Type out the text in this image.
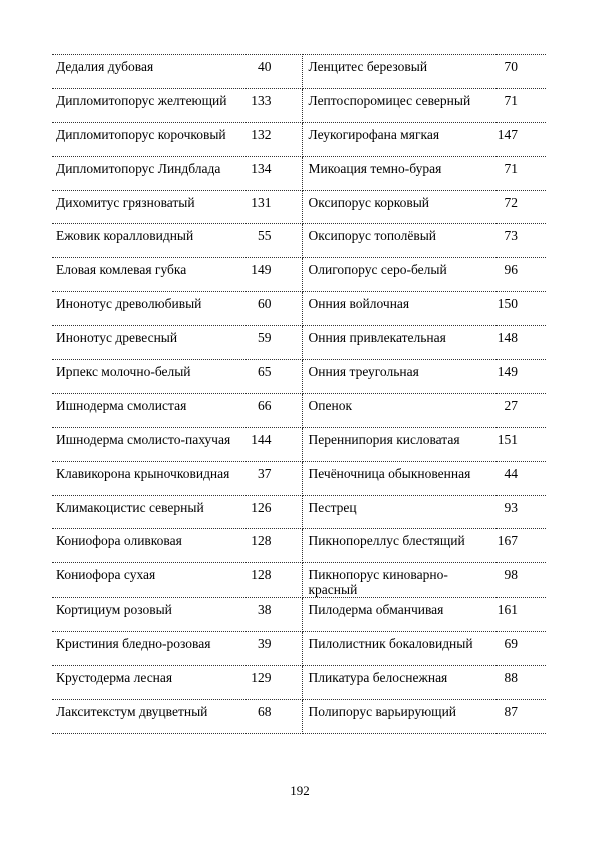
Дедалия дубовая	40	Ленцитес березовый	70
Дипломитопорус желтеющий	133	Лептоспоромицес северный	71
Дипломитопорус корочковый	132	Леукогирофана мягкая	147
Дипломитопорус Линдблада	134	Микоация темно-бурая	71
Дихомитус грязноватый	131	Оксипорус корковый	72
Ежовик коралловидный	55	Оксипорус тополёвый	73
Еловая комлевая губка	149	Олигопорус серо-белый	96
Инонотус древолюбивый	60	Онния войлочная	150
Инонотус древесный	59	Онния привлекательная	148
Ирпекс молочно-белый	65	Онния треугольная	149
Ишнодерма смолистая	66	Опенок	27
Ишнодерма смолисто-пахучая	144	Переннипория кисловатая	151
Клавикорона крыночковидная	37	Печёночница обыкновенная	44
Климакоцистис северный	126	Пестрец	93
Кониофора оливковая	128	Пикнопореллус блестящий	167
Кониофора сухая	128	Пикнопорус киноварно-красный	98
Кортициум розовый	38	Пилодерма обманчивая	161
Кристиния бледно-розовая	39	Пилолистник бокаловидный	69
Крустодерма лесная	129	Пликатура белоснежная	88
Лакситекстум двуцветный	68	Полипорус варьирующий	87
192
